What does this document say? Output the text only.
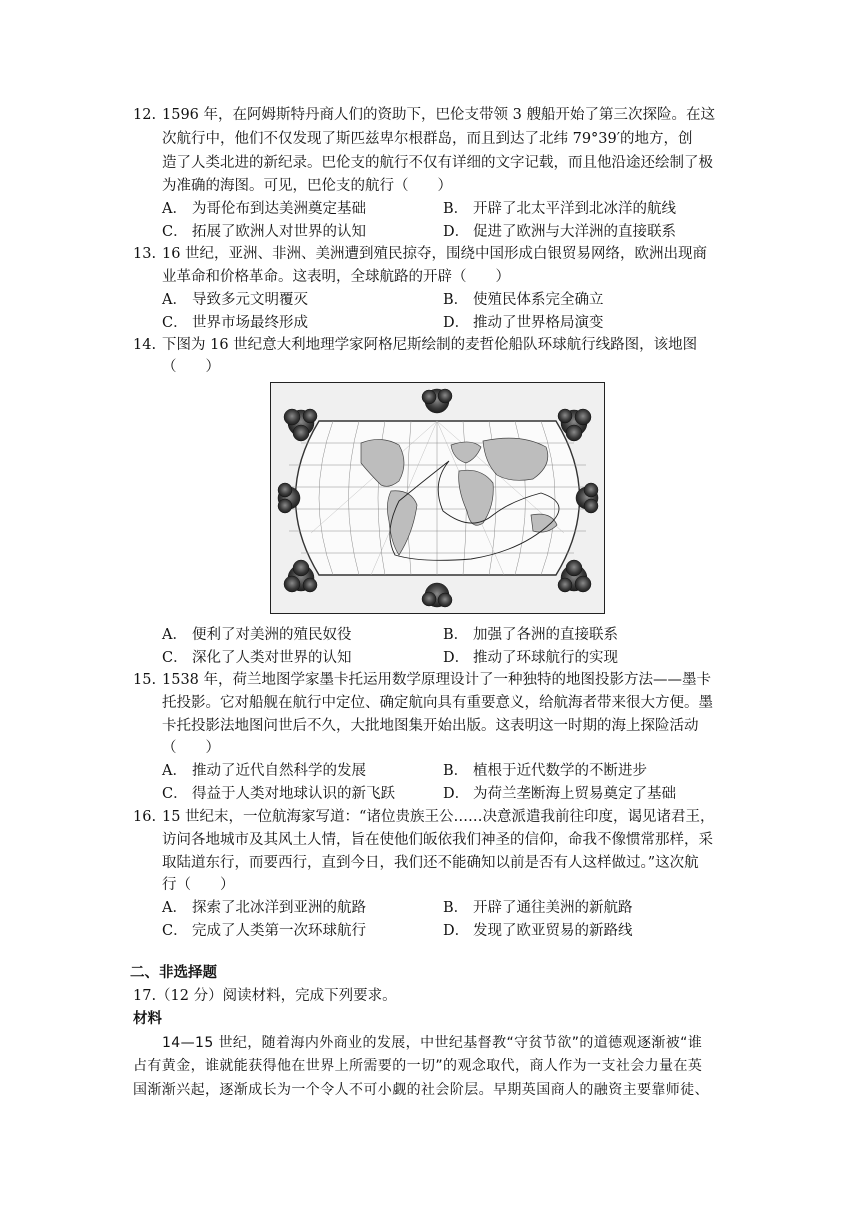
12. 1596 年，在阿姆斯特丹商人们的资助下，巴伦支带领 3 艘船开始了第三次探险。在这
次航行中，他们不仅发现了斯匹兹卑尔根群岛，而且到达了北纬 79°39′的地方，创
造了人类北进的新纪录。巴伦支的航行不仅有详细的文字记载，而且他沿途还绘制了极
为准确的海图。可见，巴伦支的航行（　　）
A． 为哥伦布到达美洲奠定基础	B． 开辟了北太平洋到北冰洋的航线
C． 拓展了欧洲人对世界的认知	D． 促进了欧洲与大洋洲的直接联系
13. 16 世纪，亚洲、非洲、美洲遭到殖民掠夺，围绕中国形成白银贸易网络，欧洲出现商
业革命和价格革命。这表明，全球航路的开辟（　　）
A． 导致多元文明覆灭	B． 使殖民体系完全确立
C． 世界市场最终形成	D． 推动了世界格局演变
14. 下图为 16 世纪意大利地理学家阿格尼斯绘制的麦哲伦船队环球航行线路图，该地图
（　　）
A． 便利了对美洲的殖民奴役	B． 加强了各洲的直接联系
C． 深化了人类对世界的认知	D． 推动了环球航行的实现
15. 1538 年，荷兰地图学家墨卡托运用数学原理设计了一种独特的地图投影方法——墨卡
托投影。它对船舰在航行中定位、确定航向具有重要意义，给航海者带来很大方便。墨
卡托投影法地图问世后不久，大批地图集开始出版。这表明这一时期的海上探险活动
（　　）
A． 推动了近代自然科学的发展	B． 植根于近代数学的不断进步
C． 得益于人类对地球认识的新飞跃	D． 为荷兰垄断海上贸易奠定了基础
16. 15 世纪末，一位航海家写道：“诸位贵族王公……决意派遣我前往印度，谒见诸君王，
访问各地城市及其风土人情，旨在使他们皈依我们神圣的信仰，命我不像惯常那样，采
取陆道东行，而要西行，直到今日，我们还不能确知以前是否有人这样做过。”这次航
行（　　）
A． 探索了北冰洋到亚洲的航路	B． 开辟了通往美洲的新航路
C． 完成了人类第一次环球航行	D． 发现了欧亚贸易的新路线
二、非选择题
17.（12 分）阅读材料，完成下列要求。
材料
14—15 世纪，随着海内外商业的发展，中世纪基督教“守贫节欲”的道德观逐渐被“谁
占有黄金，谁就能获得他在世界上所需要的一切”的观念取代，商人作为一支社会力量在英
国渐渐兴起，逐渐成长为一个令人不可小觑的社会阶层。早期英国商人的融资主要靠师徒、
